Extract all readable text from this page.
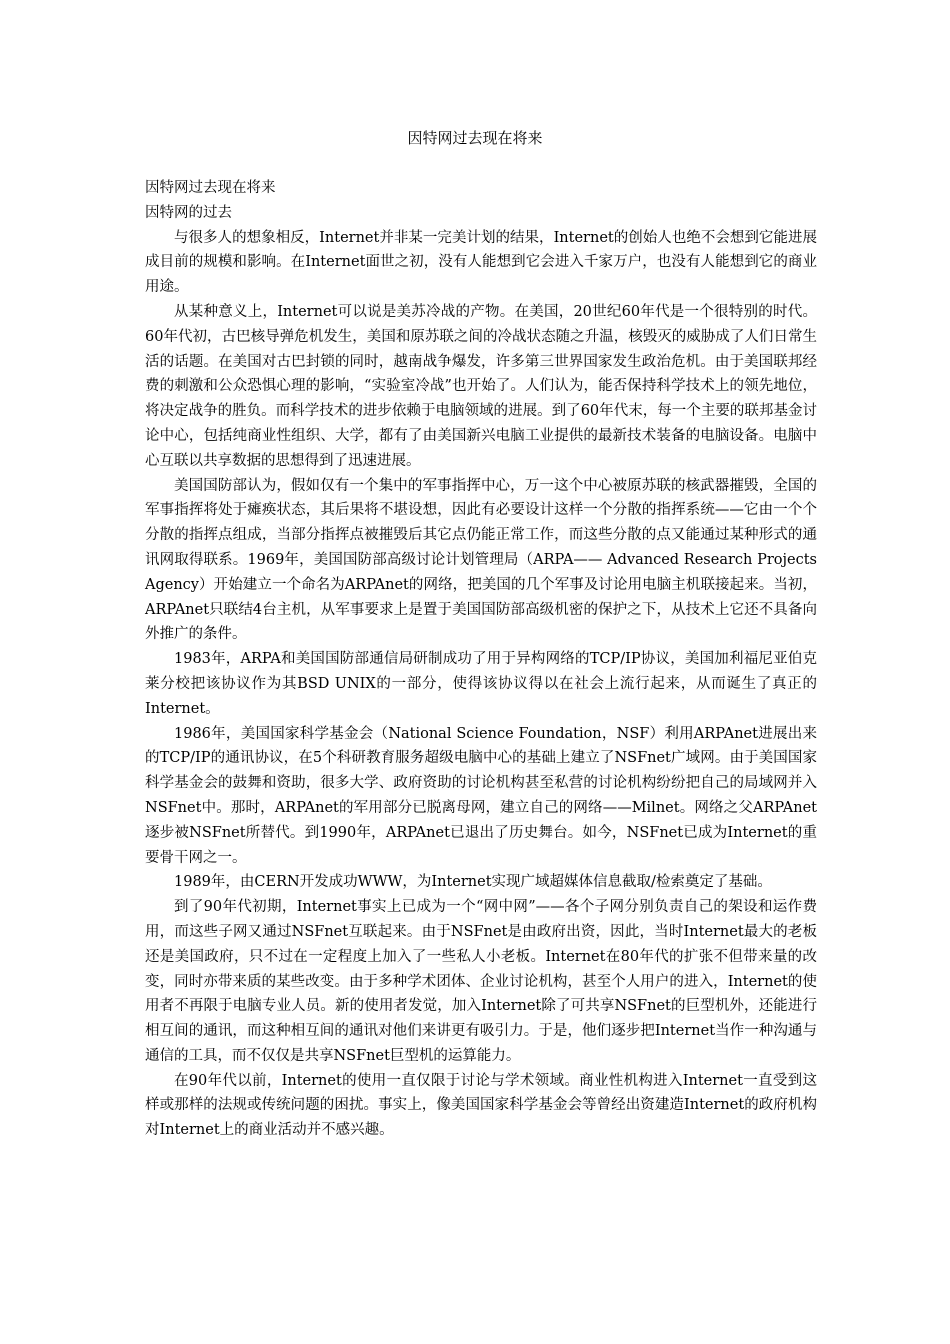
因特网过去现在将来

因特网过去现在将来

因特网的过去

与很多人的想象相反，Internet并非某一完美计划的结果，Internet的创始人也绝不会想到它能进展成目前的规模和影响。在Internet面世之初，没有人能想到它会进入千家万户，也没有人能想到它的商业用途。

从某种意义上，Internet可以说是美苏冷战的产物。在美国，20世纪60年代是一个很特别的时代。60年代初，古巴核导弹危机发生，美国和原苏联之间的冷战状态随之升温，核毁灭的威胁成了人们日常生活的话题。在美国对古巴封锁的同时，越南战争爆发，许多第三世界国家发生政治危机。由于美国联邦经费的刺激和公众恐惧心理的影响，“实验室冷战”也开始了。人们认为，能否保持科学技术上的领先地位，将决定战争的胜负。而科学技术的进步依赖于电脑领域的进展。到了60年代末，每一个主要的联邦基金讨论中心，包括纯商业性组织、大学，都有了由美国新兴电脑工业提供的最新技术装备的电脑设备。电脑中心互联以共享数据的思想得到了迅速进展。

美国国防部认为，假如仅有一个集中的军事指挥中心，万一这个中心被原苏联的核武器摧毁，全国的军事指挥将处于瘫痪状态，其后果将不堪设想，因此有必要设计这样一个分散的指挥系统——它由一个个分散的指挥点组成，当部分指挥点被摧毁后其它点仍能正常工作，而这些分散的点又能通过某种形式的通讯网取得联系。1969年，美国国防部高级讨论计划管理局（ARPA—— Advanced Research Projects Agency）开始建立一个命名为ARPAnet的网络，把美国的几个军事及讨论用电脑主机联接起来。当初，ARPAnet只联结4台主机，从军事要求上是置于美国国防部高级机密的保护之下，从技术上它还不具备向外推广的条件。

1983年，ARPA和美国国防部通信局研制成功了用于异构网络的TCP/IP协议，美国加利福尼亚伯克莱分校把该协议作为其BSD UNIX的一部分，使得该协议得以在社会上流行起来，从而诞生了真正的Internet。

1986年，美国国家科学基金会（National Science Foundation，NSF）利用ARPAnet进展出来的TCP/IP的通讯协议，在5个科研教育服务超级电脑中心的基础上建立了NSFnet广域网。由于美国国家科学基金会的鼓舞和资助，很多大学、政府资助的讨论机构甚至私营的讨论机构纷纷把自己的局域网并入NSFnet中。那时，ARPAnet的军用部分已脱离母网，建立自己的网络——Milnet。网络之父ARPAnet逐步被NSFnet所替代。到1990年，ARPAnet已退出了历史舞台。如今，NSFnet已成为Internet的重要骨干网之一。

1989年，由CERN开发成功WWW，为Internet实现广域超媒体信息截取/检索奠定了基础。

到了90年代初期，Internet事实上已成为一个“网中网”——各个子网分别负责自己的架设和运作费用，而这些子网又通过NSFnet互联起来。由于NSFnet是由政府出资，因此，当时Internet最大的老板还是美国政府，只不过在一定程度上加入了一些私人小老板。Internet在80年代的扩张不但带来量的改变，同时亦带来质的某些改变。由于多种学术团体、企业讨论机构，甚至个人用户的进入，Internet的使用者不再限于电脑专业人员。新的使用者发觉，加入Internet除了可共享NSFnet的巨型机外，还能进行相互间的通讯，而这种相互间的通讯对他们来讲更有吸引力。于是，他们逐步把Internet当作一种沟通与通信的工具，而不仅仅是共享NSFnet巨型机的运算能力。

在90年代以前，Internet的使用一直仅限于讨论与学术领域。商业性机构进入Internet一直受到这样或那样的法规或传统问题的困扰。事实上，像美国国家科学基金会等曾经出资建造Internet的政府机构对Internet上的商业活动并不感兴趣。
